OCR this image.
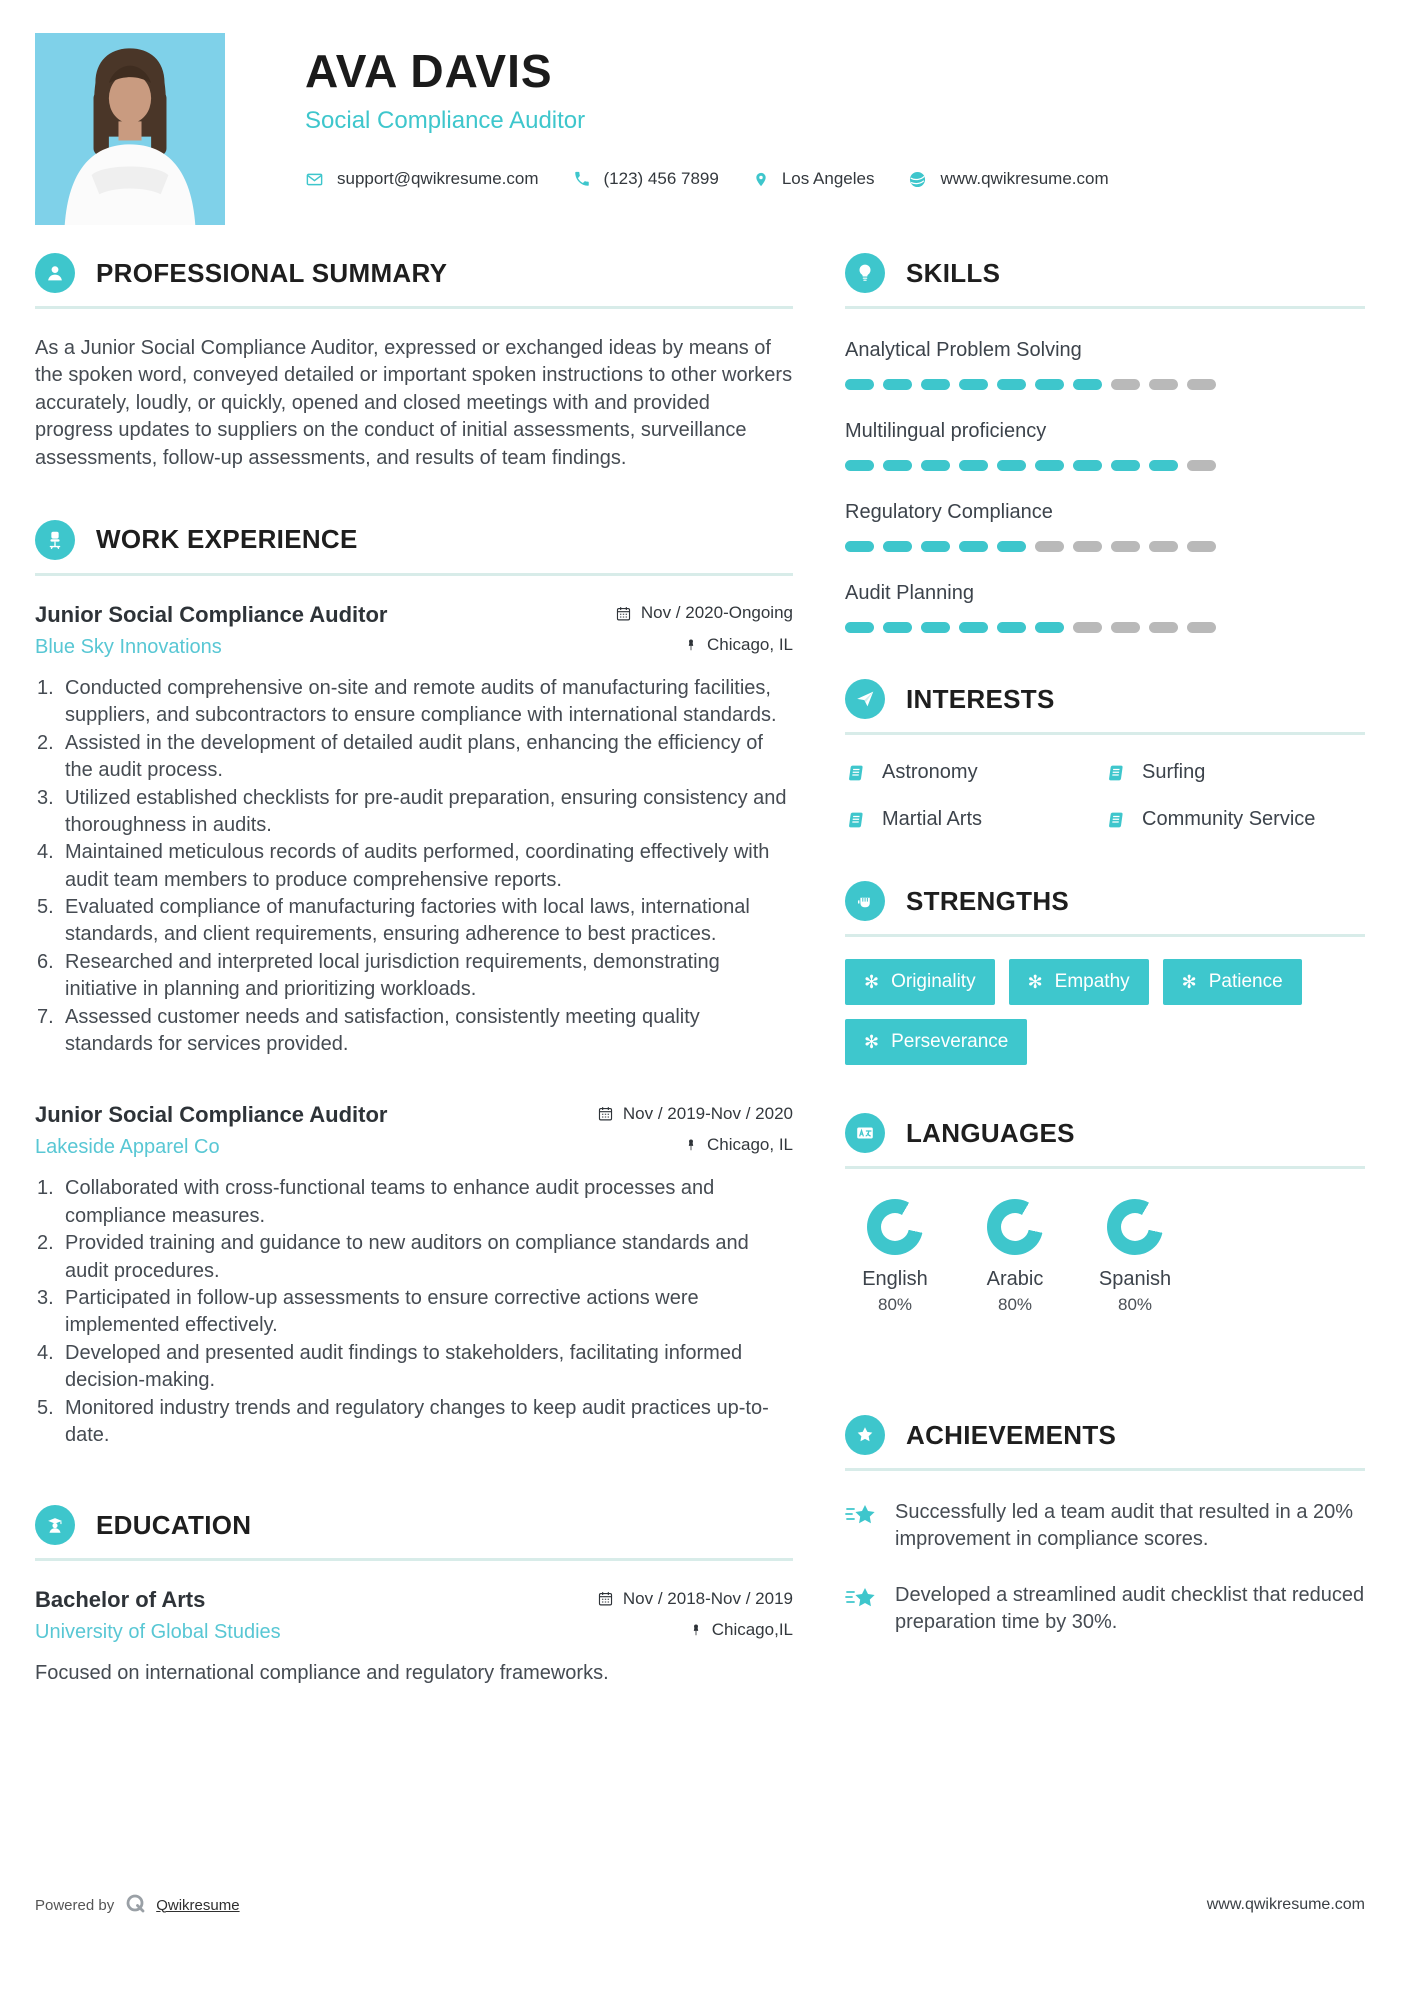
AVA DAVIS
Social Compliance Auditor
support@qwikresume.com	(123) 456 7899	Los Angeles	www.qwikresume.com
PROFESSIONAL SUMMARY

As a Junior Social Compliance Auditor, expressed or exchanged ideas by means of the spoken word, conveyed detailed or important spoken instructions to other workers accurately, loudly, or quickly, opened and closed meetings with and provided progress updates to suppliers on the conduct of initial assessments, surveillance assessments, follow-up assessments, and results of team findings.

WORK EXPERIENCE
Junior Social Compliance Auditor	Nov / 2020-Ongoing
Blue Sky Innovations	Chicago, IL
Conducted comprehensive on-site and remote audits of manufacturing facilities, suppliers, and subcontractors to ensure compliance with international standards.
Assisted in the development of detailed audit plans, enhancing the efficiency of the audit process.
Utilized established checklists for pre-audit preparation, ensuring consistency and thoroughness in audits.
Maintained meticulous records of audits performed, coordinating effectively with audit team members to produce comprehensive reports.
Evaluated compliance of manufacturing factories with local laws, international standards, and client requirements, ensuring adherence to best practices.
Researched and interpreted local jurisdiction requirements, demonstrating initiative in planning and prioritizing workloads.
Assessed customer needs and satisfaction, consistently meeting quality standards for services provided.
Junior Social Compliance Auditor	Nov / 2019-Nov / 2020
Lakeside Apparel Co	Chicago, IL
Collaborated with cross-functional teams to enhance audit processes and compliance measures.
Provided training and guidance to new auditors on compliance standards and audit procedures.
Participated in follow-up assessments to ensure corrective actions were implemented effectively.
Developed and presented audit findings to stakeholders, facilitating informed decision-making.
Monitored industry trends and regulatory changes to keep audit practices up-to-date.
EDUCATION
Bachelor of Arts	Nov / 2018-Nov / 2019
University of Global Studies	Chicago,IL

Focused on international compliance and regulatory frameworks.

SKILLS
Analytical Problem Solving
Multilingual proficiency
Regulatory Compliance
Audit Planning
INTERESTS
Astronomy	Surfing
Martial Arts	Community Service
STRENGTHS
✻ Originality	✻ Empathy	✻ Patience
✻ Perseverance
LANGUAGES
English
80%
Arabic
80%
Spanish
80%
ACHIEVEMENTS
Successfully led a team audit that resulted in a 20% improvement in compliance scores.
Developed a streamlined audit checklist that reduced preparation time by 30%.
Powered by	Qwikresume	www.qwikresume.com
